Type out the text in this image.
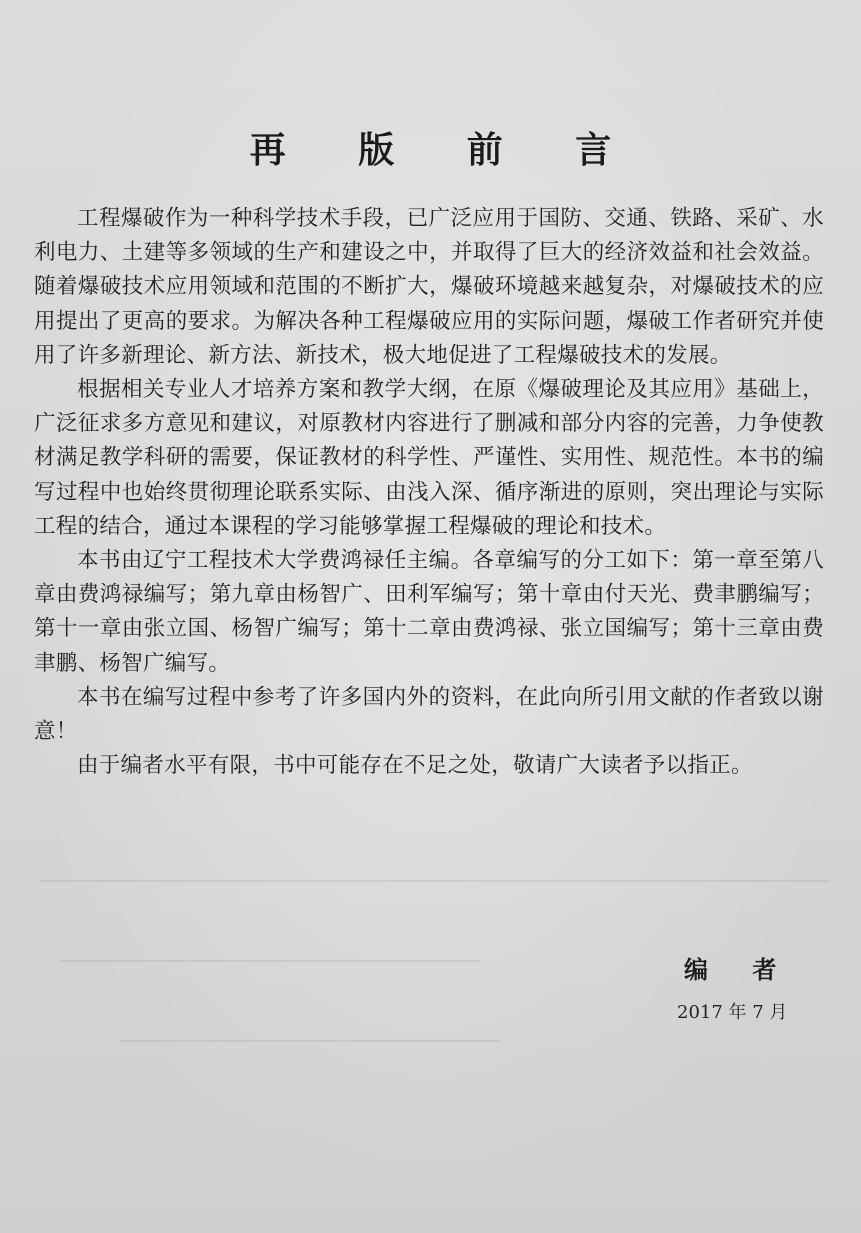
再 版 前 言

工程爆破作为一种科学技术手段，已广泛应用于国防、交通、铁路、采矿、水利电力、土建等多领域的生产和建设之中，并取得了巨大的经济效益和社会效益。随着爆破技术应用领域和范围的不断扩大，爆破环境越来越复杂，对爆破技术的应用提出了更高的要求。为解决各种工程爆破应用的实际问题，爆破工作者研究并使用了许多新理论、新方法、新技术，极大地促进了工程爆破技术的发展。

根据相关专业人才培养方案和教学大纲，在原《爆破理论及其应用》基础上，广泛征求多方意见和建议，对原教材内容进行了删减和部分内容的完善，力争使教材满足教学科研的需要，保证教材的科学性、严谨性、实用性、规范性。本书的编写过程中也始终贯彻理论联系实际、由浅入深、循序渐进的原则，突出理论与实际工程的结合，通过本课程的学习能够掌握工程爆破的理论和技术。

本书由辽宁工程技术大学费鸿禄任主编。各章编写的分工如下：第一章至第八章由费鸿禄编写；第九章由杨智广、田利军编写；第十章由付天光、费聿鹏编写；第十一章由张立国、杨智广编写；第十二章由费鸿禄、张立国编写；第十三章由费聿鹏、杨智广编写。

本书在编写过程中参考了许多国内外的资料，在此向所引用文献的作者致以谢意！

由于编者水平有限，书中可能存在不足之处，敬请广大读者予以指正。

编 者
2017 年 7 月
